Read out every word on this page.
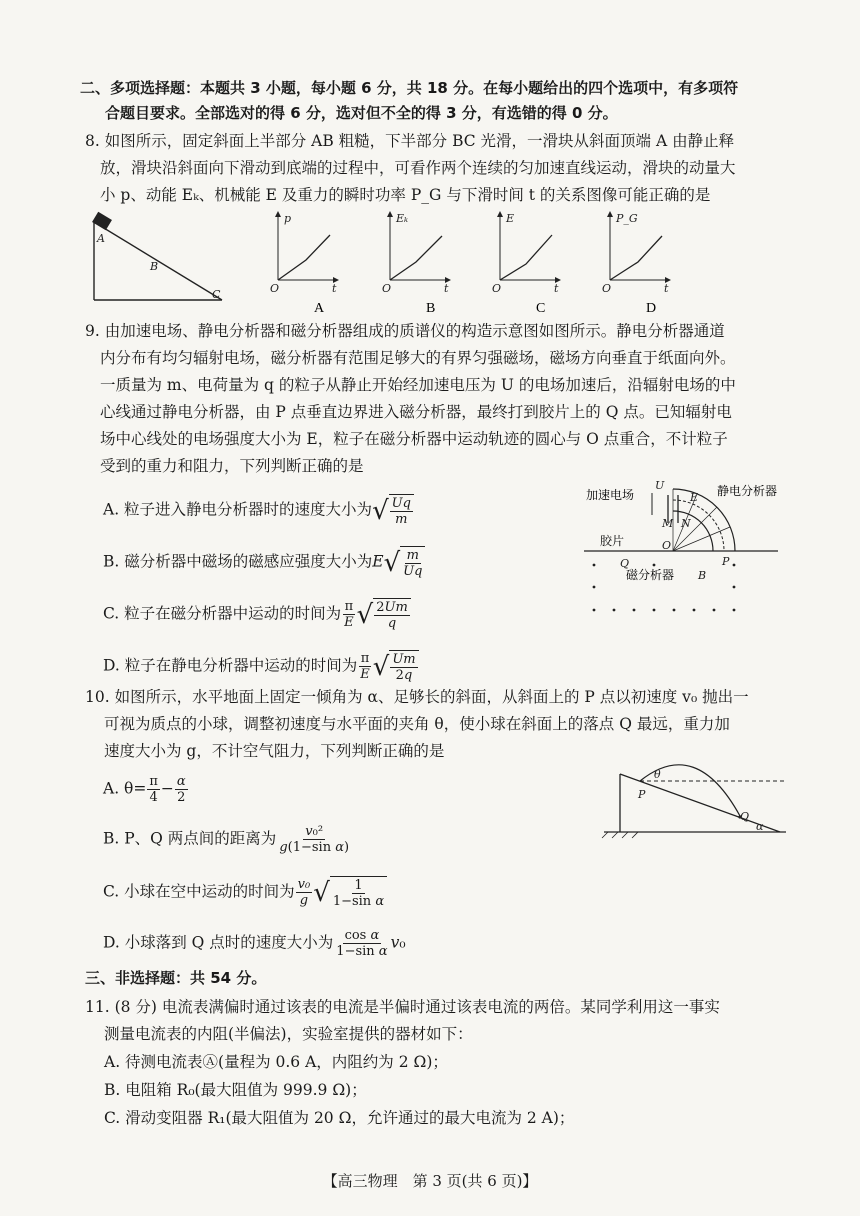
二、多项选择题：本题共 3 小题，每小题 6 分，共 18 分。在每小题给出的四个选项中，有多项符
合题目要求。全部选对的得 6 分，选对但不全的得 3 分，有选错的得 0 分。
8. 如图所示，固定斜面上半部分 AB 粗糙，下半部分 BC 光滑，一滑块从斜面顶端 A 由静止释
放，滑块沿斜面向下滑动到底端的过程中，可看作两个连续的匀加速直线运动，滑块的动量大
小 p、动能 Eₖ、机械能 E 及重力的瞬时功率 P_G 与下滑时间 t 的关系图像可能正确的是
A
B
C
p
O	t
Eₖ
O	t
E
O	t
P_G
O	t
A	B	C	D
9. 由加速电场、静电分析器和磁分析器组成的质谱仪的构造示意图如图所示。静电分析器通道
内分布有均匀辐射电场，磁分析器有范围足够大的有界匀强磁场，磁场方向垂直于纸面向外。
一质量为 m、电荷量为 q 的粒子从静止开始经加速电压为 U 的电场加速后，沿辐射电场的中
心线通过静电分析器，由 P 点垂直边界进入磁分析器，最终打到胶片上的 Q 点。已知辐射电
场中心线处的电场强度大小为 E，粒子在磁分析器中运动轨迹的圆心与 O 点重合，不计粒子
受到的重力和阻力，下列判断正确的是
A. 粒子进入静电分析器时的速度大小为 √ $\frac{Uq}{m}$
B. 磁分析器中磁场的磁感应强度大小为E √ $\frac{m}{Uq}$
C. 粒子在磁分析器中运动的时间为 $\frac{\pi}{E}$ √ $\frac{2Um}{q}$
D. 粒子在静电分析器中运动的时间为 $\frac{\pi}{E}$ √ $\frac{Um}{2q}$
加速电场	静电分析器
U
M N
E
胶片	O
Q	P
磁分析器 B
10. 如图所示，水平地面上固定一倾角为 α、足够长的斜面，从斜面上的 P 点以初速度 v₀ 抛出一
可视为质点的小球，调整初速度与水平面的夹角 θ，使小球在斜面上的落点 Q 最远，重力加
速度大小为 g，不计空气阻力，下列判断正确的是
A. $\theta= \frac{\pi}{4} - \frac{\alpha}{2}$
B. P、Q 两点间的距离为 $\frac{\text{v₀²}}{\text{g(1−sin α)}}$
C. 小球在空中运动的时间为 $\frac{\text{v₀}}{g}$ √ $\frac{1}{\text{1−sin α}}$
D. 小球落到 Q 点时的速度大小为 $\frac{\text{cos α}}{\text{1−sin α}} v_0$
P
Q
θ
α
三、非选择题：共 54 分。
11. (8 分) 电流表满偏时通过该表的电流是半偏时通过该表电流的两倍。某同学利用这一事实
测量电流表的内阻(半偏法)，实验室提供的器材如下：
A. 待测电流表Ⓐ(量程为 0.6 A，内阻约为 2 Ω)；
B. 电阻箱 R₀(最大阻值为 999.9 Ω)；
C. 滑动变阻器 R₁(最大阻值为 20 Ω，允许通过的最大电流为 2 A)；
【高三物理　第 3 页(共 6 页)】
